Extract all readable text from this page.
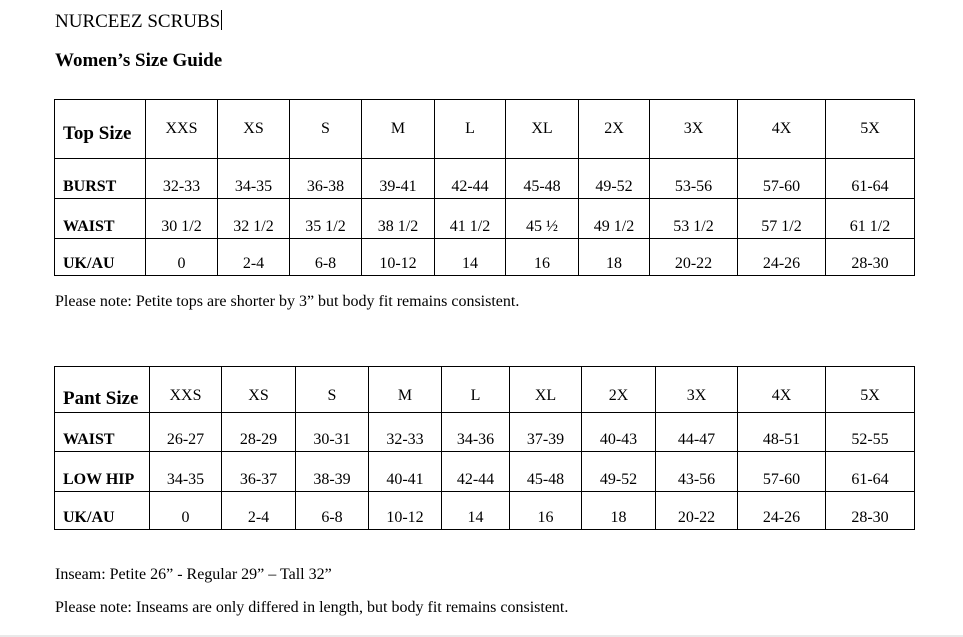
NURCEEZ SCRUBS
Women’s Size Guide
Top Size	XXS	XS	S	M	L	XL	2X	3X	4X	5X
BURST	32-33	34-35	36-38	39-41	42-44	45-48	49-52	53-56	57-60	61-64
WAIST	30 1/2	32 1/2	35 1/2	38 1/2	41 1/2	45 ½	49 1/2	53 1/2	57 1/2	61 1/2
UK/AU	0	2-4	6-8	10-12	14	16	18	20-22	24-26	28-30
Please note: Petite tops are shorter by 3” but body fit remains consistent.
Pant Size	XXS	XS	S	M	L	XL	2X	3X	4X	5X
WAIST	26-27	28-29	30-31	32-33	34-36	37-39	40-43	44-47	48-51	52-55
LOW HIP	34-35	36-37	38-39	40-41	42-44	45-48	49-52	43-56	57-60	61-64
UK/AU	0	2-4	6-8	10-12	14	16	18	20-22	24-26	28-30
Inseam: Petite 26” - Regular 29” – Tall 32”
Please note: Inseams are only differed in length, but body fit remains consistent.
